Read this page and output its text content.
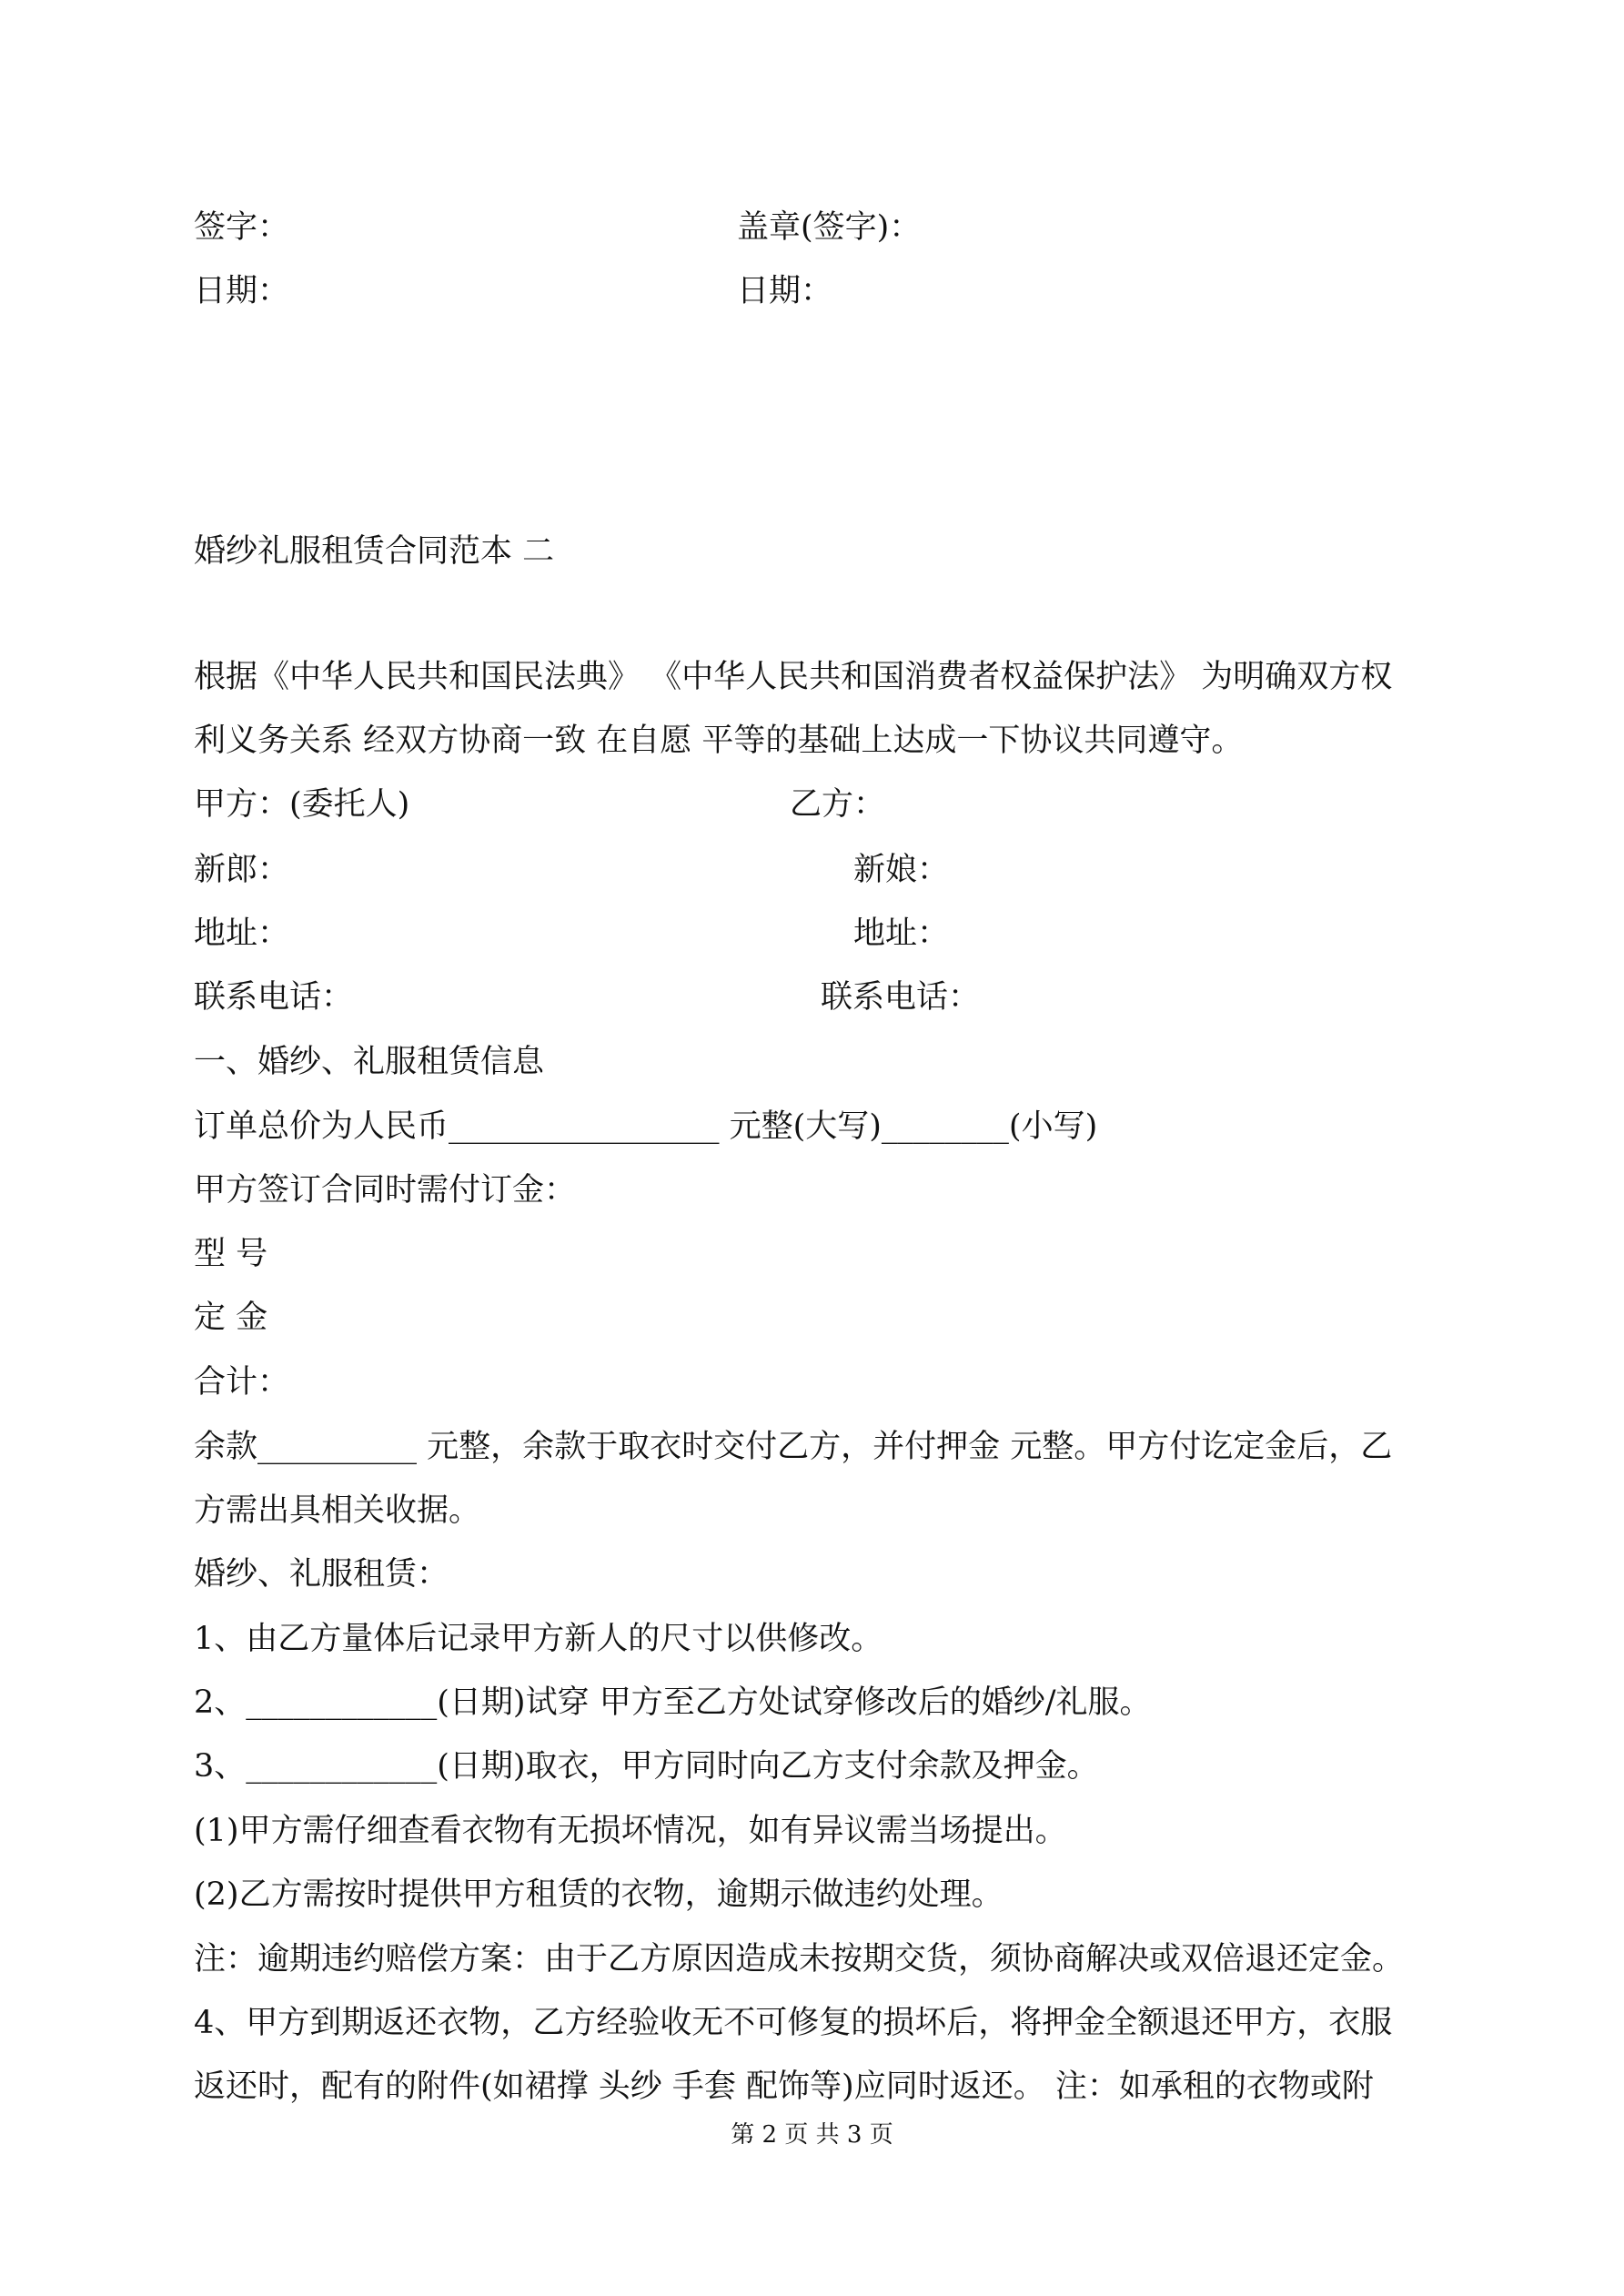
签字：	盖章(签字)：
日期：	日期：
婚纱礼服租赁合同范本 二
根据《中华人民共和国民法典》 《中华人民共和国消费者权益保护法》 为明确双方权
利义务关系 经双方协商一致 在自愿 平等的基础上达成一下协议共同遵守。
甲方：(委托人)	乙方：
新郎：	新娘：
地址：	地址：
联系电话：	联系电话：
一、婚纱、礼服租赁信息
订单总价为人民币_________________ 元整(大写)________(小写)
甲方签订合同时需付订金：
型 号
定 金
合计：
余款__________ 元整，余款于取衣时交付乙方，并付押金 元整。甲方付讫定金后，乙
方需出具相关收据。
婚纱、礼服租赁：
1、由乙方量体后记录甲方新人的尺寸以供修改。
2、____________(日期)试穿 甲方至乙方处试穿修改后的婚纱/礼服。
3、____________(日期)取衣，甲方同时向乙方支付余款及押金。
(1)甲方需仔细查看衣物有无损坏情况，如有异议需当场提出。
(2)乙方需按时提供甲方租赁的衣物，逾期示做违约处理。
注：逾期违约赔偿方案：由于乙方原因造成未按期交货，须协商解决或双倍退还定金。
4、甲方到期返还衣物，乙方经验收无不可修复的损坏后，将押金全额退还甲方，衣服
返还时，配有的附件(如裙撑 头纱 手套 配饰等)应同时返还。 注：如承租的衣物或附
第 2 页 共 3 页
